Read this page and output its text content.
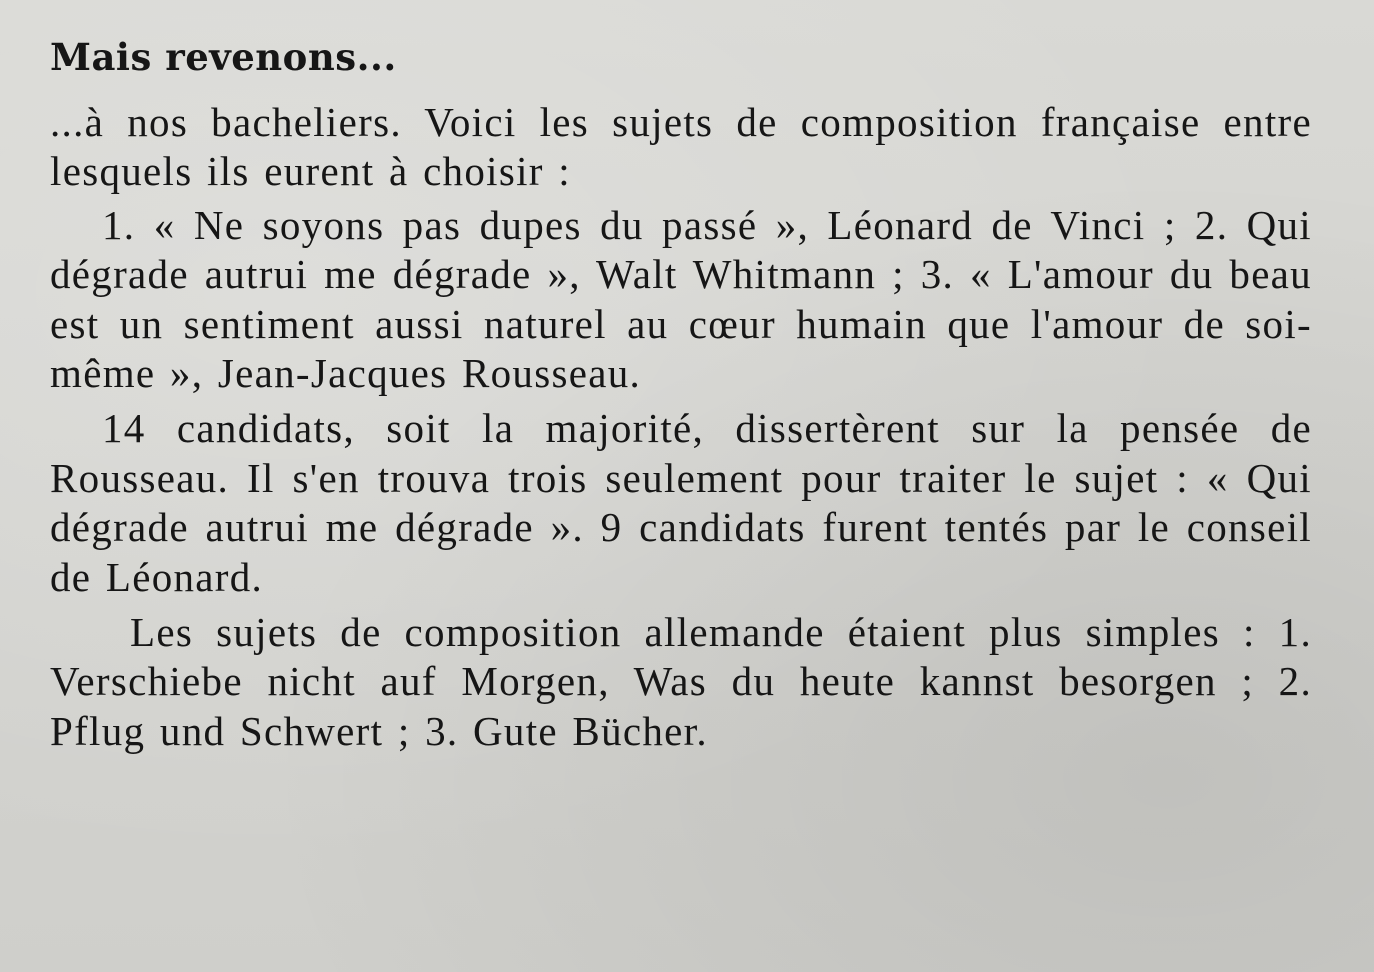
Mais revenons...

...à nos bacheliers. Voici les sujets de composition française entre lesquels ils eurent à choisir :

1. « Ne soyons pas dupes du passé », Léonard de Vinci ; 2. Qui dégrade autrui me dégrade », Walt Whitmann ; 3. « L'amour du beau est un sentiment aussi naturel au cœur humain que l'amour de soi-même », Jean-Jacques Rousseau.

14 candidats, soit la majorité, dissertèrent sur la pensée de Rousseau. Il s'en trouva trois seulement pour traiter le sujet : « Qui dégrade autrui me dégrade ». 9 candidats furent tentés par le conseil de Léonard.

Les sujets de composition allemande étaient plus simples : 1. Verschiebe nicht auf Morgen, Was du heute kannst besorgen ; 2. Pflug und Schwert ; 3. Gute Bücher.
